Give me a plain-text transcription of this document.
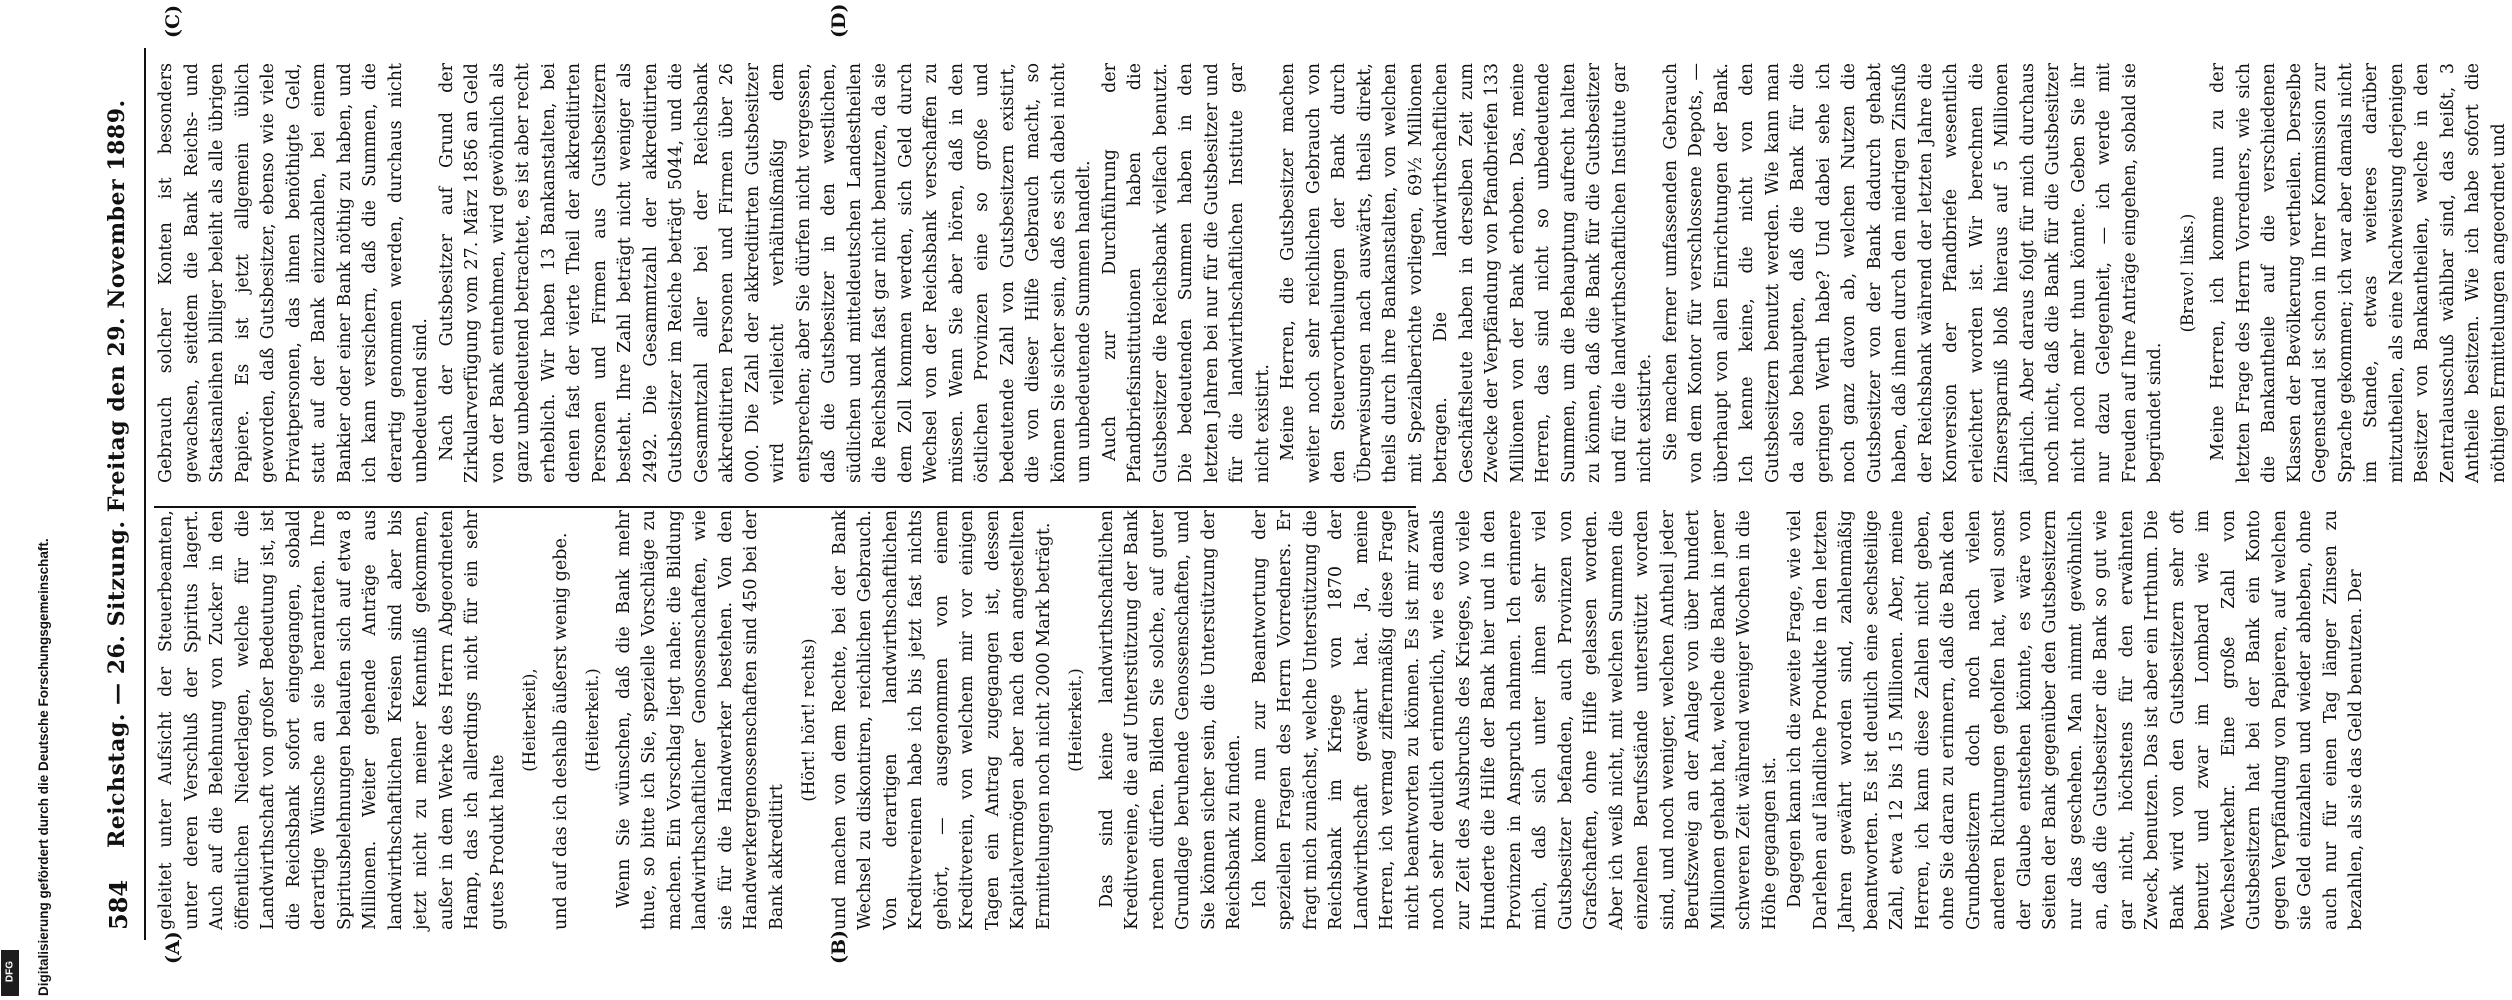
584
Reichstag. — 26. Sitzung. Freitag den 29. November 1889.
(A)	(B)
(C)	(D)

geleitet unter Aufsicht der Steuerbeamten, unter deren Verschluß der Spiritus lagert. Auch auf die Belehnung von Zucker in den öffentlichen Niederlagen, welche für die Landwirthschaft von großer Bedeutung ist, ist die Reichsbank sofort eingegangen, sobald derartige Wünsche an sie herantraten. Ihre Spiritusbelehnungen belaufen sich auf etwa 8 Millionen. Weiter gehende Anträge aus landwirthschaftlichen Kreisen sind aber bis jetzt nicht zu meiner Kenntniß gekommen, außer in dem Werke des Herrn Abgeordneten Hamp, das ich allerdings nicht für ein sehr gutes Produkt halte

(Heiterkeit), und auf das ich deshalb äußerst wenig gebe. (Heiterkeit.) Wenn Sie wünschen, daß die Bank mehr thue, so bitte ich Sie, spezielle Vorschläge zu machen. Ein Vorschlag liegt nahe: die Bildung landwirthschaftlicher Genossenschaften, wie sie für die Handwerker bestehen. Von den Handwerkergenossenschaften sind 450 bei der Bank akkreditirt

(Hört! hört! rechts) und machen von dem Rechte, bei der Bank Wechsel zu diskontiren, reichlichen Gebrauch. Von derartigen landwirthschaftlichen Kreditvereinen habe ich bis jetzt fast nichts gehört, — ausgenommen von einem Kreditverein, von welchem mir vor einigen Tagen ein Antrag zugegangen ist, dessen Kapitalvermögen aber nach den angestellten Ermittelungen noch nicht 2000 Mark beträgt. (Heiterkeit.) Das sind keine landwirthschaftlichen Kreditvereine, die auf Unterstützung der Bank rechnen dürfen. Bilden Sie solche, auf guter Grundlage beruhende Genossenschaften, und Sie können sicher sein, die Unterstützung der Reichsbank zu finden. Ich komme nun zur Beantwortung der speziellen Fragen des Herrn Vorredners. Er fragt mich zunächst, welche Unterstützung die Reichsbank im Kriege von 1870 der Landwirthschaft gewährt hat. Ja, meine Herren, ich vermag ziffernmäßig diese Frage nicht beantworten zu können. Es ist mir zwar noch sehr deutlich erinnerlich, wie es damals zur Zeit des Ausbruchs des Krieges, wo viele Hunderte die Hilfe der Bank hier und in den Provinzen in Anspruch nahmen. Ich erinnere mich, daß sich unter ihnen sehr viel Gutsbesitzer befanden, auch Provinzen von Grafschaften, ohne Hilfe gelassen worden. Aber ich weiß nicht, mit welchen Summen die einzelnen Berufsstände unterstützt worden sind, und noch weniger, welchen Antheil jeder Berufszweig an der Anlage von über hundert Millionen gehabt hat, welche die Bank in jener schweren Zeit während weniger Wochen in die Höhe gegangen ist. Dagegen kann ich die zweite Frage, wie viel Darlehen auf ländliche Produkte in den letzten Jahren gewährt worden sind, zahlenmäßig beantworten. Es ist deutlich eine sechsteilige Zahl, etwa 12 bis 15 Millionen. Aber, meine Herren, ich kann diese Zahlen nicht geben, ohne Sie daran zu erinnern, daß die Bank den Grundbesitzern doch noch nach vielen anderen Richtungen geholfen hat, weil sonst der Glaube entstehen könnte, es wäre von Seiten der Bank gegenüber den Gutsbesitzern nur das geschehen. Man nimmt gewöhnlich an, daß die Gutsbesitzer die Bank so gut wie gar nicht, höchstens für den erwähnten Zweck, benutzen. Das ist aber ein Irrthum. Die Bank wird von den Gutsbesitzern sehr oft benutzt und zwar im Lombard wie im Wechselverkehr. Eine große Zahl von Gutsbesitzern hat bei der Bank ein Konto gegen Verpfändung von Papieren, auf welchen sie Geld einzahlen und wieder abheben, ohne auch nur für einen Tag länger Zinsen zu bezahlen, als sie das Geld benutzen. Der

Gebrauch solcher Konten ist besonders gewachsen, seitdem die Bank Reichs- und Staatsanleihen billiger beleiht als alle übrigen Papiere. Es ist jetzt allgemein üblich geworden, daß Gutsbesitzer, ebenso wie viele Privatpersonen, das ihnen benöthigte Geld, statt auf der Bank einzuzahlen, bei einem Bankier oder einer Bank nöthig zu haben, und ich kann versichern, daß die Summen, die derartig genommen werden, durchaus nicht unbedeutend sind. Nach der Gutsbesitzer auf Grund der Zirkularverfügung vom 27. März 1856 an Geld von der Bank entnehmen, wird gewöhnlich als ganz unbedeutend betrachtet, es ist aber recht erheblich. Wir haben 13 Bankanstalten, bei denen fast der vierte Theil der akkreditirten Personen und Firmen aus Gutsbesitzern besteht. Ihre Zahl beträgt nicht weniger als 2492. Die Gesammtzahl der akkreditirten Gutsbesitzer im Reiche beträgt 5044, und die Gesammtzahl aller bei der Reichsbank akkreditirten Personen und Firmen über 26 000. Die Zahl der akkreditirten Gutsbesitzer wird vielleicht verhältnißmäßig dem entsprechen; aber Sie dürfen nicht vergessen, daß die Gutsbesitzer in den westlichen, südlichen und mitteldeutschen Landestheilen die Reichsbank fast gar nicht benutzen, da sie dem Zoll kommen werden, sich Geld durch Wechsel von der Reichsbank verschaffen zu müssen. Wenn Sie aber hören, daß in den östlichen Provinzen eine so große und bedeutende Zahl von Gutsbesitzern existirt, die von dieser Hilfe Gebrauch macht, so können Sie sicher sein, daß es sich dabei nicht um unbedeutende Summen handelt. Auch zur Durchführung der Pfandbriefsinstitutionen haben die Gutsbesitzer die Reichsbank vielfach benutzt. Die bedeutenden Summen haben in den letzten Jahren bei nur für die Gutsbesitzer und für die landwirthschaftlichen Institute gar nicht existirt. Meine Herren, die Gutsbesitzer machen weiter noch sehr reichlichen Gebrauch von den Steuervortheilungen der Bank durch Überweisungen nach auswärts, theils direkt, theils durch ihre Bankanstalten, von welchen mit Spezialberichte vorliegen, 69½ Millionen betragen. Die landwirthschaftlichen Geschäftsleute haben in derselben Zeit zum Zwecke der Verpfändung von Pfandbriefen 133 Millionen von der Bank erhoben. Das, meine Herren, das sind nicht so unbedeutende Summen, um die Behauptung aufrecht halten zu können, daß die Bank für die Gutsbesitzer und für die landwirthschaftlichen Institute gar nicht existirte. Sie machen ferner umfassenden Gebrauch von dem Kontor für verschlossene Depots, — überhaupt von allen Einrichtungen der Bank. Ich kenne keine, die nicht von den Gutsbesitzern benutzt werden. Wie kann man da also behaupten, daß die Bank für die geringen Werth habe? Und dabei sehe ich noch ganz davon ab, welchen Nutzen die Gutsbesitzer von der Bank dadurch gehabt haben, daß ihnen durch den niedrigen Zinsfuß der Reichsbank während der letzten Jahre die Konversion der Pfandbriefe wesentlich erleichtert worden ist. Wir berechnen die Zinsersparniß bloß hieraus auf 5 Millionen jährlich. Aber daraus folgt für mich durchaus noch nicht, daß die Bank für die Gutsbesitzer nicht noch mehr thun könnte. Geben Sie ihr nur dazu Gelegenheit, — ich werde mit Freuden auf Ihre Anträge eingehen, sobald sie begründet sind.

(Bravo! links.) Meine Herren, ich komme nun zu der letzten Frage des Herrn Vorredners, wie sich die Bankantheile auf die verschiedenen Klassen der Bevölkerung vertheilen. Derselbe Gegenstand ist schon in Ihrer Kommission zur Sprache gekommen; ich war aber damals nicht im Stande, etwas weiteres darüber mitzutheilen, als eine Nachweisung derjenigen Besitzer von Bankantheilen, welche in den Zentralausschuß wählbar sind, das heißt, 3 Antheile besitzen. Wie ich habe sofort die nöthigen Ermittelungen angeordnet und

Digitalisierung gefördert durch die Deutsche Forschungsgemeinschaft.
DFG
